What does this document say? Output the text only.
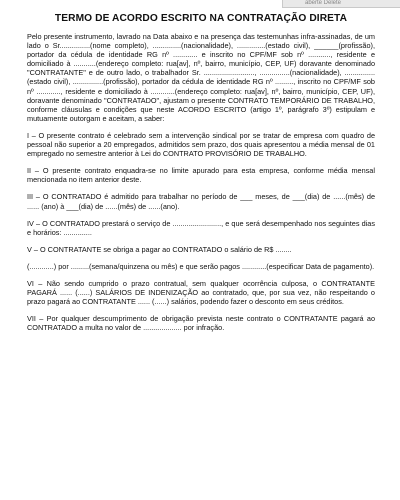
aberte Delete
TERMO DE ACORDO ESCRITO NA CONTRATAÇÃO DIRETA

Pelo presente instrumento, lavrado na Data abaixo e na presença das testemunhas infra-assinadas, de um lado o Sr...............(nome completo), ..............(nacionalidade), ..............(estado civil), ______(profissão), portador da cédula de identidade RG nº ............ e inscrito no CPF/MF sob nº ..........., residente e domiciliado à ...........(endereço completo: rua[av], nº, bairro, município, CEP, UF) doravante denominado "CONTRATANTE" e de outro lado, o trabalhador Sr. ........................., ...............(nacionalidade), ...............(estado civil), ...............(profissão), portador da cédula de identidade RG nº ........., inscrito no CPF/MF sob nº ............, residente e domiciliado à ............(endereço completo: rua[av], nº, bairro, município, CEP, UF), doravante denominado "CONTRATADO", ajustam o presente CONTRATO TEMPORÁRIO DE TRABALHO, conforme cláusulas e condições que neste ACORDO ESCRITO (artigo 1º, parágrafo 3º) estipulam e mutuamente outorgam e aceitam, a saber:

I – O presente contrato é celebrado sem a intervenção sindical por se tratar de empresa com quadro de pessoal não superior a 20 empregados, admitidos sem prazo, dos quais apresentou a média mensal de 01 empregado no semestre anterior à Lei do CONTRATO PROVISÓRIO DE TRABALHO.

II – O presente contrato enquadra-se no limite apurado para esta empresa, conforme média mensal mencionada no item anterior deste.

III – O CONTRATADO é admitido para trabalhar no período de ___ meses, de ___(dia) de ......(mês) de ...... (ano) à ___(dia) de ......(mês) de ......(ano).

IV – O CONTRATADO prestará o serviço de ........................, e que será desempenhado nos seguintes dias e horários: ..............

V – O CONTRATANTE se obriga a pagar ao CONTRATADO o salário de R$ ........

(............) por .........(semana/quinzena ou mês) e que serão pagos ............(especificar Data de pagamento).

VI – Não sendo cumprido o prazo contratual, sem qualquer ocorrência culposa, o CONTRATANTE PAGARÁ ...... (......) SALÁRIOS DE INDENIZAÇÃO ao contratado, que, por sua vez, não respeitando o prazo pagará ao CONTRATANTE ...... (......) salários, podendo fazer o desconto em seus créditos.

VII – Por qualquer descumprimento de obrigação prevista neste contrato o CONTRATANTE pagará ao CONTRATADO a multa no valor de ................... por infração.
